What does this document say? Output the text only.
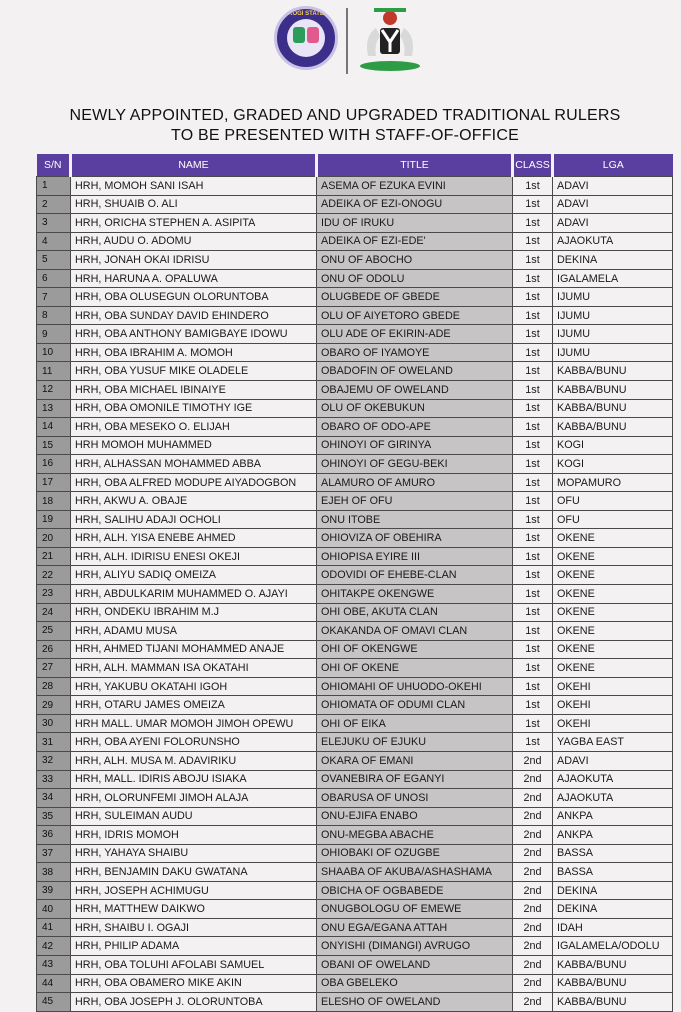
KOGI STATE
NEWLY APPOINTED, GRADED AND UPGRADED TRADITIONAL RULERS
TO BE PRESENTED WITH STAFF-OF-OFFICE
S/N	NAME	TITLE	CLASS	LGA
1	HRH, MOMOH SANI ISAH	ASEMA OF EZUKA EVINI	1st	ADAVI
2	HRH, SHUAIB O. ALI	ADEIKA OF EZI-ONOGU	1st	ADAVI
3	HRH, ORICHA STEPHEN A. ASIPITA	IDU OF IRUKU	1st	ADAVI
4	HRH, AUDU O. ADOMU	ADEIKA OF EZI-EDE'	1st	AJAOKUTA
5	HRH, JONAH OKAI IDRISU	ONU OF ABOCHO	1st	DEKINA
6	HRH, HARUNA A. OPALUWA	ONU OF ODOLU	1st	IGALAMELA
7	HRH, OBA OLUSEGUN OLORUNTOBA	OLUGBEDE OF GBEDE	1st	IJUMU
8	HRH, OBA SUNDAY DAVID EHINDERO	OLU OF AIYETORO GBEDE	1st	IJUMU
9	HRH, OBA ANTHONY BAMIGBAYE IDOWU	OLU ADE OF EKIRIN-ADE	1st	IJUMU
10	HRH, OBA IBRAHIM A. MOMOH	OBARO OF IYAMOYE	1st	IJUMU
11	HRH, OBA YUSUF MIKE OLADELE	OBADOFIN OF OWELAND	1st	KABBA/BUNU
12	HRH, OBA MICHAEL IBINAIYE	OBAJEMU OF OWELAND	1st	KABBA/BUNU
13	HRH, OBA OMONILE TIMOTHY IGE	OLU OF OKEBUKUN	1st	KABBA/BUNU
14	HRH, OBA MESEKO O. ELIJAH	OBARO OF ODO-APE	1st	KABBA/BUNU
15	HRH MOMOH MUHAMMED	OHINOYI OF GIRINYA	1st	KOGI
16	HRH, ALHASSAN MOHAMMED ABBA	OHINOYI OF GEGU-BEKI	1st	KOGI
17	HRH, OBA ALFRED MODUPE AIYADOGBON	ALAMURO OF AMURO	1st	MOPAMURO
18	HRH, AKWU A. OBAJE	EJEH OF OFU	1st	OFU
19	HRH, SALIHU ADAJI OCHOLI	ONU ITOBE	1st	OFU
20	HRH, ALH. YISA ENEBE AHMED	OHIOVIZA OF OBEHIRA	1st	OKENE
21	HRH, ALH. IDIRISU ENESI OKEJI	OHIOPISA EYIRE III	1st	OKENE
22	HRH, ALIYU SADIQ OMEIZA	ODOVIDI OF EHEBE-CLAN	1st	OKENE
23	HRH, ABDULKARIM MUHAMMED O. AJAYI	OHITAKPE OKENGWE	1st	OKENE
24	HRH, ONDEKU IBRAHIM M.J	OHI OBE, AKUTA CLAN	1st	OKENE
25	HRH, ADAMU MUSA	OKAKANDA OF OMAVI CLAN	1st	OKENE
26	HRH, AHMED TIJANI MOHAMMED ANAJE	OHI OF OKENGWE	1st	OKENE
27	HRH, ALH. MAMMAN ISA OKATAHI	OHI OF OKENE	1st	OKENE
28	HRH, YAKUBU OKATAHI IGOH	OHIOMAHI OF UHUODO-OKEHI	1st	OKEHI
29	HRH, OTARU JAMES OMEIZA	OHIOMATA OF ODUMI CLAN	1st	OKEHI
30	HRH MALL. UMAR MOMOH JIMOH OPEWU	OHI OF EIKA	1st	OKEHI
31	HRH, OBA AYENI FOLORUNSHO	ELEJUKU OF EJUKU	1st	YAGBA EAST
32	HRH, ALH. MUSA M. ADAVIRIKU	OKARA OF EMANI	2nd	ADAVI
33	HRH, MALL. IDIRIS ABOJU ISIAKA	OVANEBIRA OF EGANYI	2nd	AJAOKUTA
34	HRH, OLORUNFEMI JIMOH ALAJA	OBARUSA OF UNOSI	2nd	AJAOKUTA
35	HRH, SULEIMAN AUDU	ONU-EJIFA ENABO	2nd	ANKPA
36	HRH, IDRIS MOMOH	ONU-MEGBA ABACHE	2nd	ANKPA
37	HRH, YAHAYA SHAIBU	OHIOBAKI OF OZUGBE	2nd	BASSA
38	HRH, BENJAMIN DAKU GWATANA	SHAABA OF AKUBA/ASHASHAMA	2nd	BASSA
39	HRH, JOSEPH ACHIMUGU	OBICHA OF OGBABEDE	2nd	DEKINA
40	HRH, MATTHEW DAIKWO	ONUGBOLOGU OF EMEWE	2nd	DEKINA
41	HRH, SHAIBU I. OGAJI	ONU EGA/EGANA ATTAH	2nd	IDAH
42	HRH, PHILIP ADAMA	ONYISHI (DIMANGI) AVRUGO	2nd	IGALAMELA/ODOLU
43	HRH, OBA TOLUHI AFOLABI SAMUEL	OBANI OF OWELAND	2nd	KABBA/BUNU
44	HRH, OBA OBAMERO MIKE AKIN	OBA GBELEKO	2nd	KABBA/BUNU
45	HRH, OBA JOSEPH J. OLORUNTOBA	ELESHO OF OWELAND	2nd	KABBA/BUNU
